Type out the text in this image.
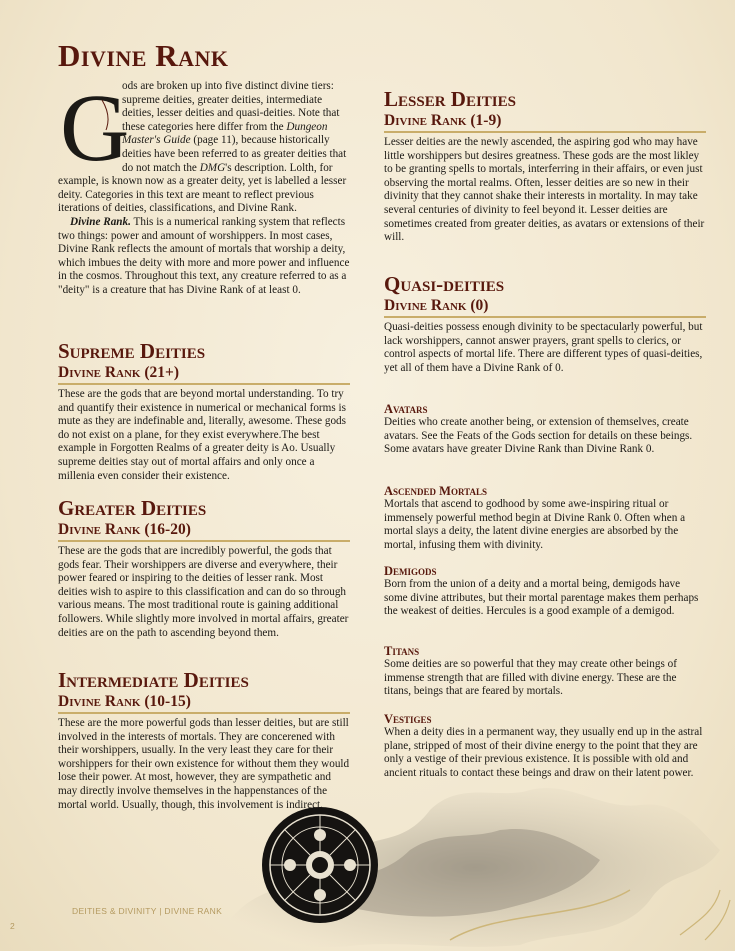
Divine Rank
G

ods are broken up into five distinct divine tiers: supreme deities, greater deities, intermediate deities, lesser deities and quasi-deities. Note that these categories here differ from the Dungeon Master's Guide (page 11), because historically deities have been referred to as greater deities that do not match the DMG's description. Lolth, for example, is known now as a greater deity, yet is labelled a lesser deity. Categories in this text are meant to reflect previous iterations of deities, classifications, and Divine Rank.

Divine Rank. This is a numerical ranking system that reflects two things: power and amount of worshippers. In most cases, Divine Rank reflects the amount of mortals that worship a deity, which imbues the deity with more and more power and influence in the cosmos. Throughout this text, any creature referred to as a "deity" is a creature that has Divine Rank of at least 0.

Supreme Deities
Divine Rank (21+)

These are the gods that are beyond mortal understanding. To try and quantify their existence in numerical or mechanical forms is mute as they are indefinable and, literally, awesome. These gods do not exist on a plane, for they exist everywhere.The best example in Forgotten Realms of a greater deity is Ao. Usually supreme deities stay out of mortal affairs and only once a millenia even consider their existence.

Greater Deities
Divine Rank (16-20)

These are the gods that are incredibly powerful, the gods that gods fear. Their worshippers are diverse and everywhere, their power feared or inspiring to the deities of lesser rank. Most deities wish to aspire to this classification and can do so through various means. The most traditional route is gaining additional followers. While slightly more involved in mortal affairs, greater deities are on the path to ascending beyond them.

Intermediate Deities
Divine Rank (10-15)

These are the more powerful gods than lesser deities, but are still involved in the interests of mortals. They are concerened with their worshippers, usually. In the very least they care for their worshippers for their own existence for without them they would lose their power. At most, however, they are sympathetic and may directly involve themselves in the happenstances of the mortal world. Usually, though, this involvement is indirect.

Lesser Deities
Divine Rank (1-9)

Lesser deities are the newly ascended, the aspiring god who may have little worshippers but desires greatness. These gods are the most likley to be granting spells to mortals, interferring in their affairs, or even just observing the mortal realms. Often, lesser deities are so new in their divinity that they cannot shake their interests in mortality. In may take several centuries of divinity to feel beyond it. Lesser deities are sometimes created from greater deities, as avatars or extensions of their will.

Quasi-deities
Divine Rank (0)

Quasi-deities possess enough divinity to be spectacularly powerful, but lack worshippers, cannot answer prayers, grant spells to clerics, or control aspects of mortal life. There are different types of quasi-deities, yet all of them have a Divine Rank of 0.

Avatars

Deities who create another being, or extension of themselves, create avatars. See the Feats of the Gods section for details on these beings. Some avatars have greater Divine Rank than Divine Rank 0.

Ascended Mortals

Mortals that ascend to godhood by some awe-inspiring ritual or immensely powerful method begin at Divine Rank 0. Often when a mortal slays a deity, the latent divine energies are absorbed by the mortal, infusing them with divinity.

Demigods

Born from the union of a deity and a mortal being, demigods have some divine attributes, but their mortal parentage makes them perhaps the weakest of deities. Hercules is a good example of a demigod.

Titans

Some deities are so powerful that they may create other beings of immense strength that are filled with divine energy. These are the titans, beings that are feared by mortals.

Vestiges

When a deity dies in a permanent way, they usually end up in the astral plane, stripped of most of their divine energy to the point that they are only a vestige of their previous existence. It is possible with old and ancient rituals to contact these beings and draw on their latent power.

DEITIES & DIVINITY | DIVINE RANK
2
